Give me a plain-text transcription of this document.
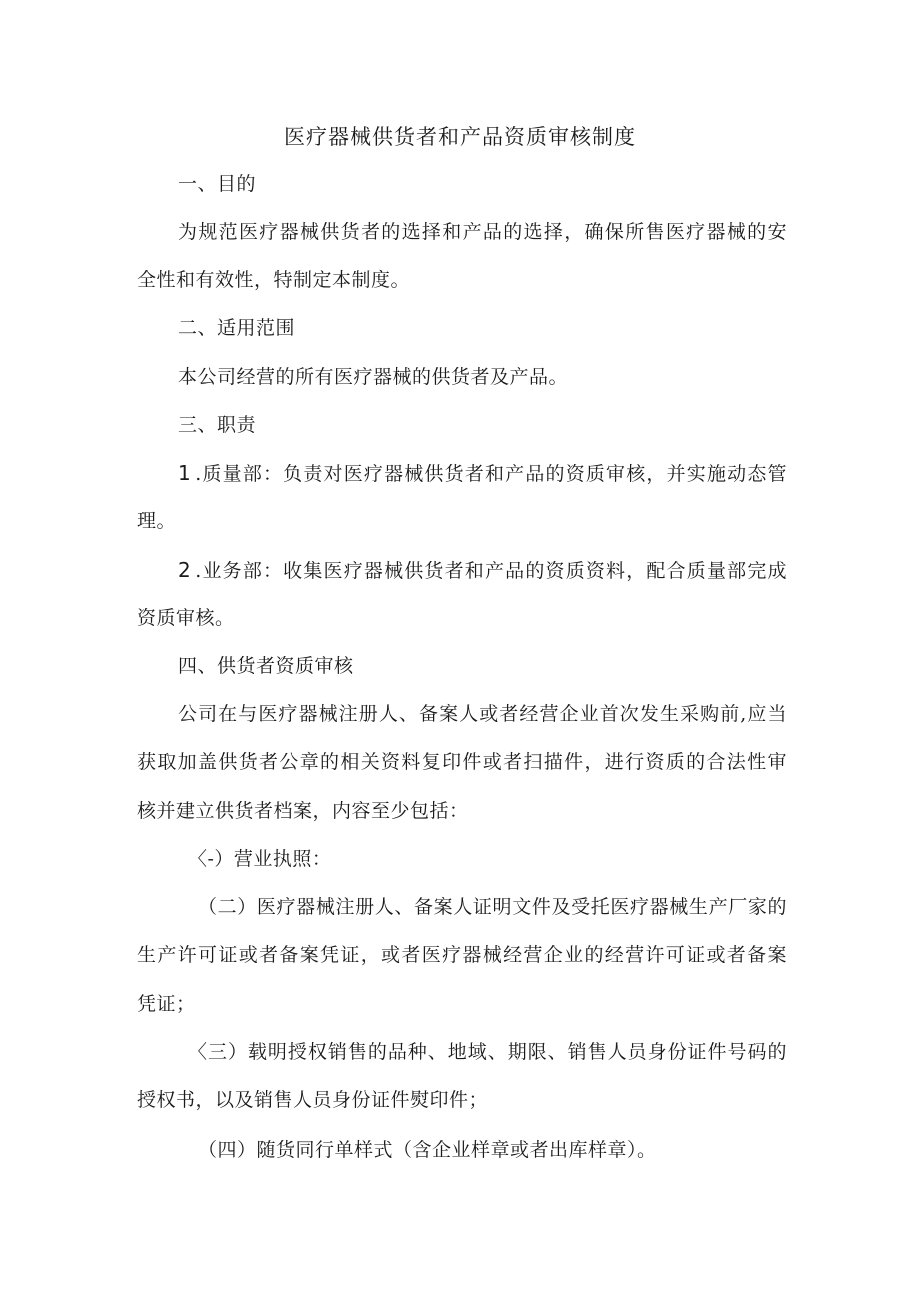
医疗器械供货者和产品资质审核制度
一、目的
为规范医疗器械供货者的选择和产品的选择，确保所售医疗器械的安
全性和有效性，特制定本制度。
二、适用范围
本公司经营的所有医疗器械的供货者及产品。
三、职责
1 .质量部：负责对医疗器械供货者和产品的资质审核，并实施动态管
理。
2 .业务部：收集医疗器械供货者和产品的资质资料，配合质量部完成
资质审核。
四、供货者资质审核
公司在与医疗器械注册人、备案人或者经营企业首次发生采购前,应当
获取加盖供货者公章的相关资料复印件或者扫描件，进行资质的合法性审
核并建立供货者档案，内容至少包括：
〈-）营业执照：
（二）医疗器械注册人、备案人证明文件及受托医疗器械生产厂家的
生产许可证或者备案凭证，或者医疗器械经营企业的经营许可证或者备案
凭证；
〈三）载明授权销售的品种、地域、期限、销售人员身份证件号码的
授权书，以及销售人员身份证件熨印件；
（四）随货同行单样式（含企业样章或者出库样章）。
